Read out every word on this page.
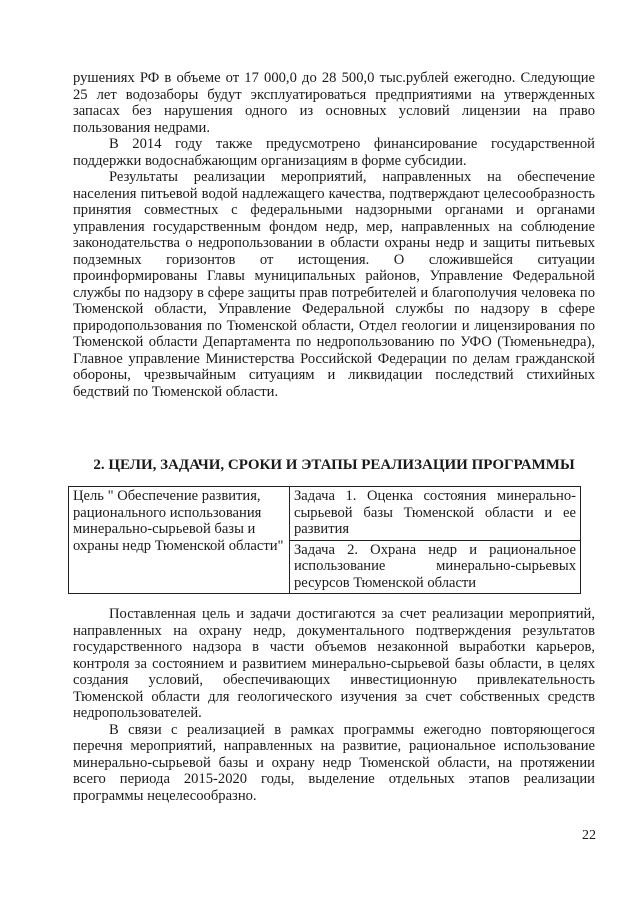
рушениях РФ в объеме от 17 000,0 до 28 500,0 тыс.рублей ежегодно. Следующие 25 лет водозаборы будут эксплуатироваться предприятиями на утвержденных запасах без нарушения одного из основных условий лицензии на право пользования недрами.

В 2014 году также предусмотрено финансирование государственной поддержки водоснабжающим организациям в форме субсидии.

Результаты реализации мероприятий, направленных на обеспечение населения питьевой водой надлежащего качества, подтверждают целесообразность принятия совместных с федеральными надзорными органами и органами управления государственным фондом недр, мер, направленных на соблюдение законодательства о недропользовании в области охраны недр и защиты питьевых подземных горизонтов от истощения. О сложившейся ситуации проинформированы Главы муниципальных районов, Управление Федеральной службы по надзору в сфере защиты прав потребителей и благополучия человека по Тюменской области, Управление Федеральной службы по надзору в сфере природопользования по Тюменской области, Отдел геологии и лицензирования по Тюменской области Департамента по недропользованию по УФО (Тюменьнедра), Главное управление Министерства Российской Федерации по делам гражданской обороны, чрезвычайным ситуациям и ликвидации последствий стихийных бедствий по Тюменской области.

2. ЦЕЛИ, ЗАДАЧИ, СРОКИ И ЭТАПЫ РЕАЛИЗАЦИИ ПРОГРАММЫ
Цель " Обеспечение развития, рационального использования минерально-сырьевой базы и охраны недр Тюменской области"	Задача 1. Оценка состояния минерально-сырьевой базы Тюменской области и ее развития
Задача 2. Охрана недр и рациональное использование минерально-сырьевых ресурсов Тюменской области

Поставленная цель и задачи достигаются за счет реализации мероприятий, направленных на охрану недр, документального подтверждения результатов государственного надзора в части объемов незаконной выработки карьеров, контроля за состоянием и развитием минерально-сырьевой базы области, в целях создания условий, обеспечивающих инвестиционную привлекательность Тюменской области для геологического изучения за счет собственных средств недропользователей.

В связи с реализацией в рамках программы ежегодно повторяющегося перечня мероприятий, направленных на развитие, рациональное использование минерально-сырьевой базы и охрану недр Тюменской области, на протяжении всего периода 2015-2020 годы, выделение отдельных этапов реализации программы нецелесообразно.

22
